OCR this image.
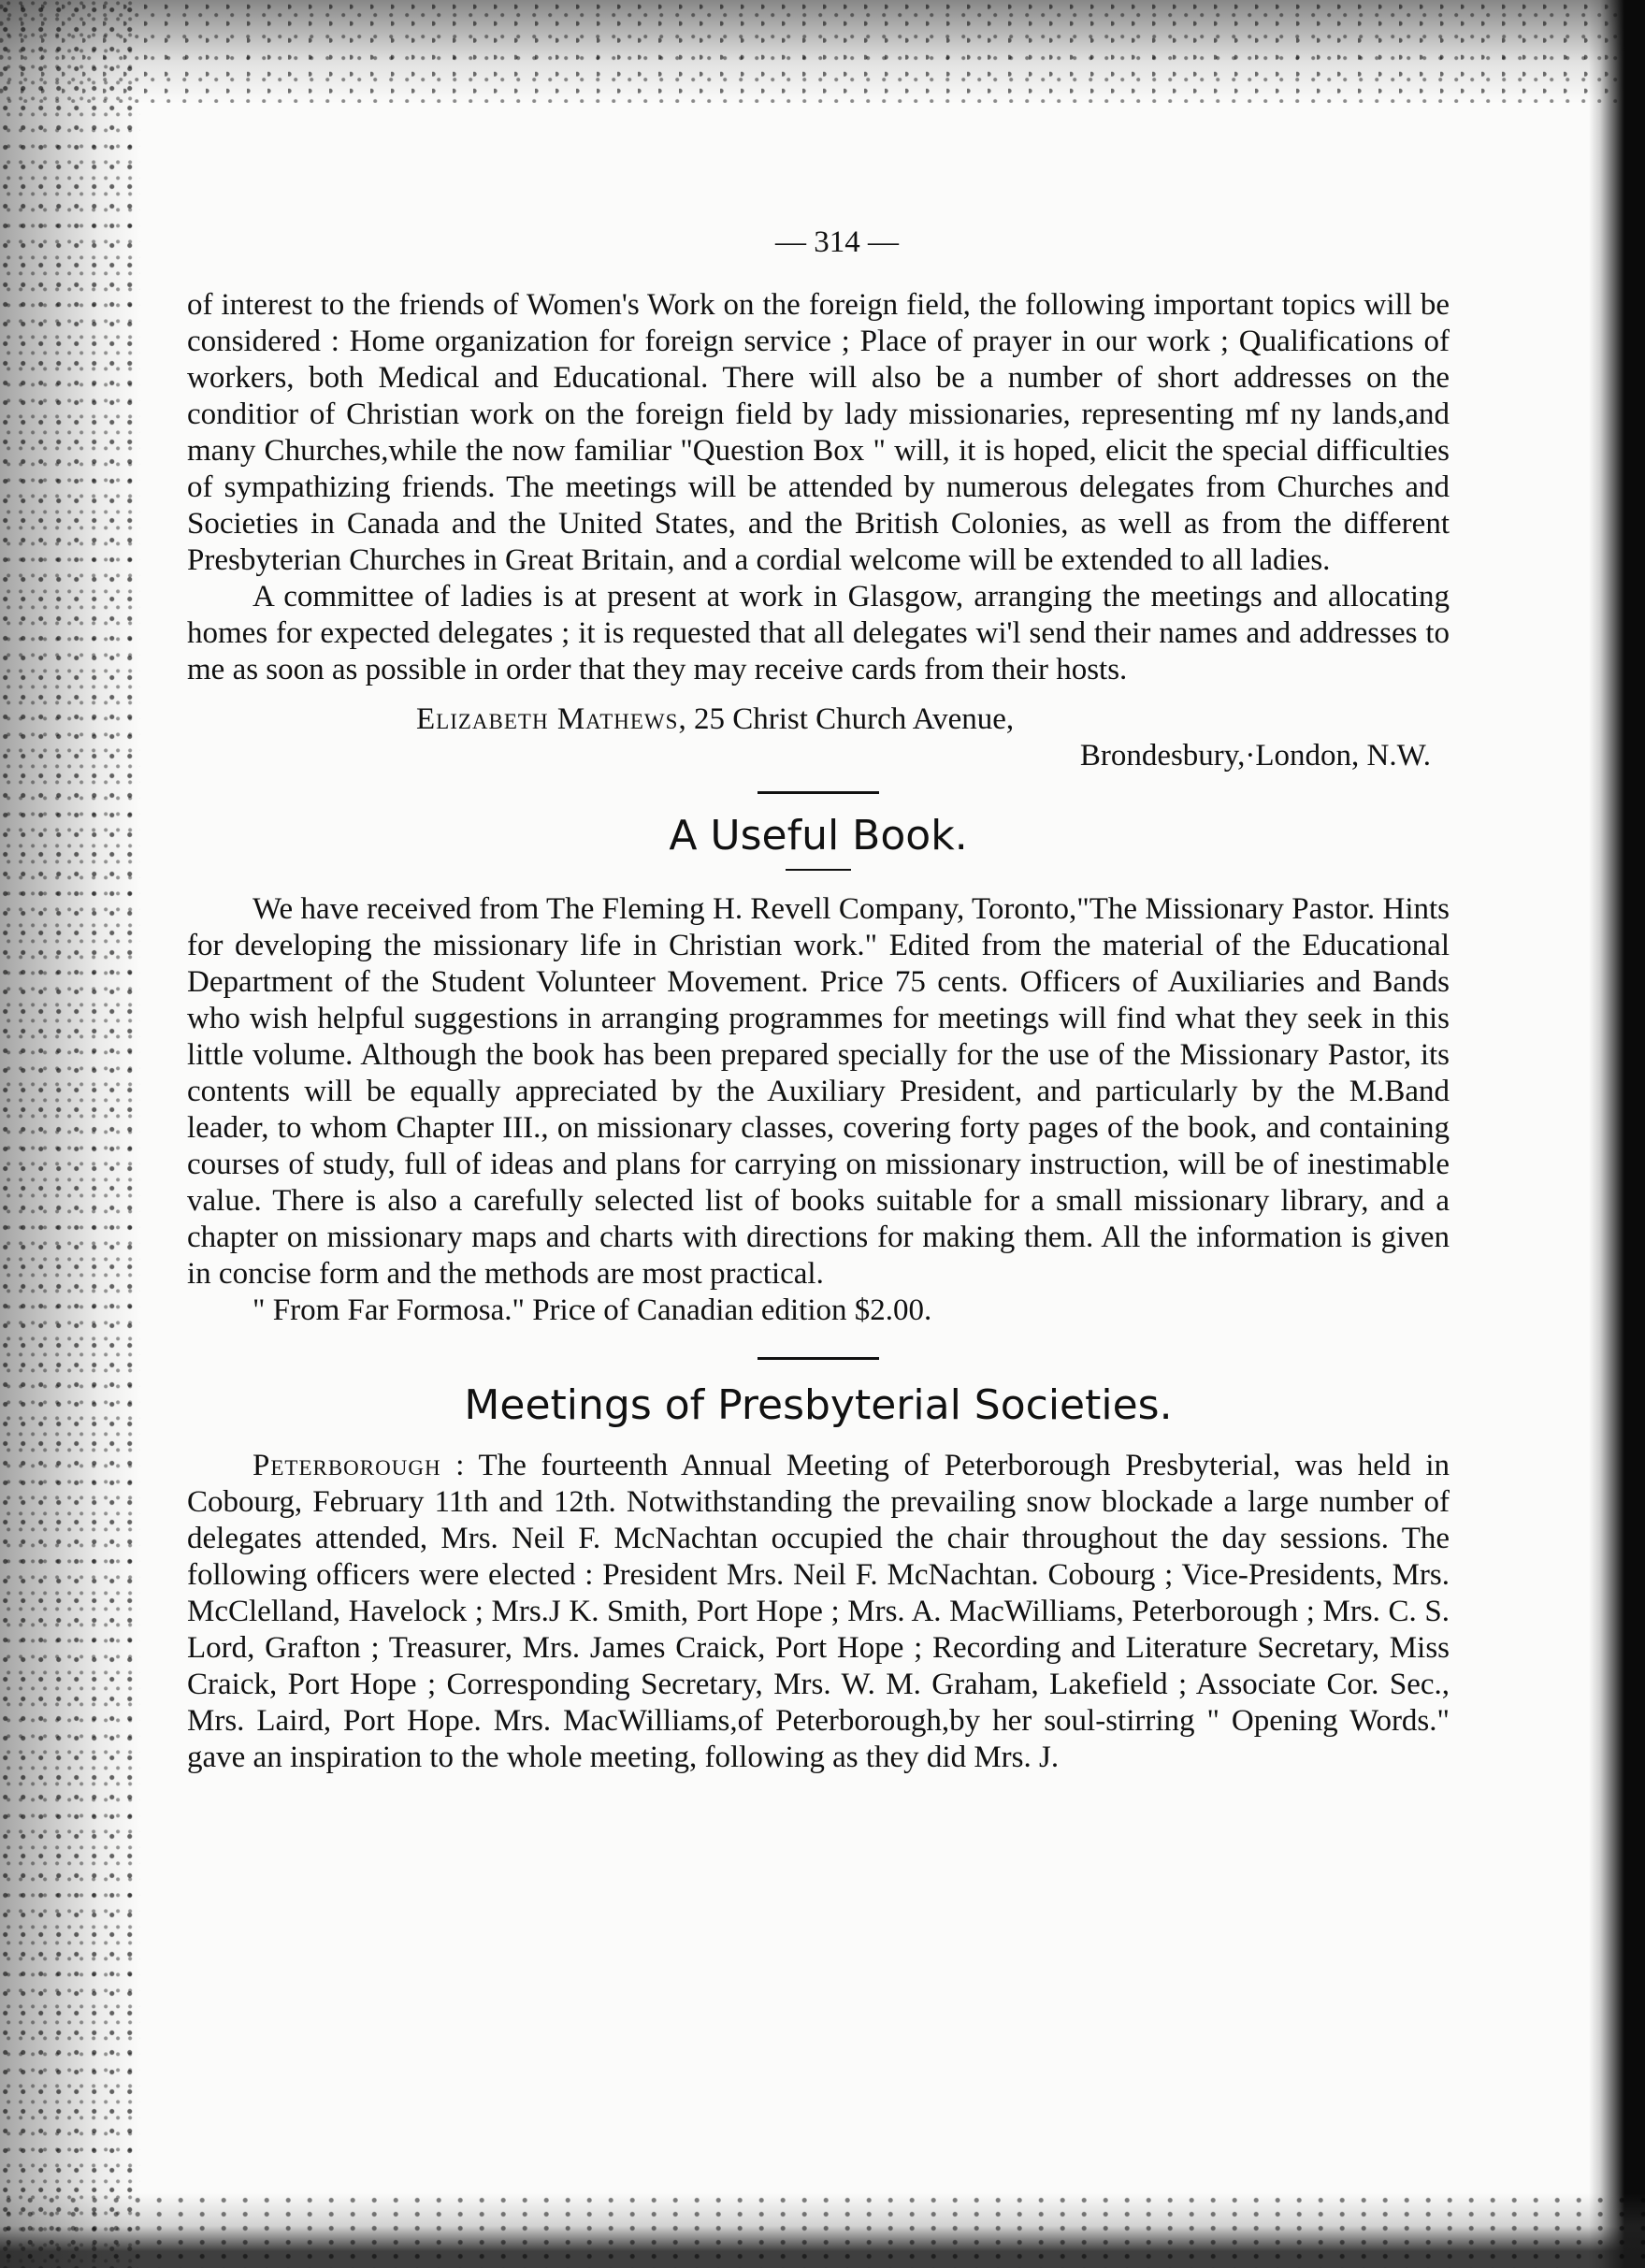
— 314 —

of interest to the friends of Women's Work on the foreign field, the following important topics will be considered : Home organization for foreign service ; Place of prayer in our work ; Qualifications of workers, both Medical and Educational. There will also be a number of short addresses on the conditior of Christian work on the foreign field by lady missionaries, representing mf ny lands,and many Churches,while the now familiar "Question Box " will, it is hoped, elicit the special difficulties of sympathizing friends. The meetings will be attended by numerous delegates from Churches and Societies in Canada and the United States, and the British Colonies, as well as from the different Presbyterian Churches in Great Britain, and a cordial welcome will be extended to all ladies.

A committee of ladies is at present at work in Glasgow, arranging the meetings and allocating homes for expected delegates ; it is requested that all delegates wi'l send their names and addresses to me as soon as possible in order that they may receive cards from their hosts.

Elizabeth Mathews, 25 Christ Church Avenue,
Brondesbury,·London, N.W.
A Useful Book.

We have received from The Fleming H. Revell Company, Toronto,"The Missionary Pastor. Hints for developing the missionary life in Christian work." Edited from the material of the Educational Department of the Student Volunteer Movement. Price 75 cents. Officers of Auxiliaries and Bands who wish helpful suggestions in arranging programmes for meetings will find what they seek in this little volume. Although the book has been prepared specially for the use of the Missionary Pastor, its contents will be equally appreciated by the Auxiliary President, and particularly by the M.Band leader, to whom Chapter III., on missionary classes, covering forty pages of the book, and containing courses of study, full of ideas and plans for carrying on missionary instruction, will be of inestimable value. There is also a carefully selected list of books suitable for a small missionary library, and a chapter on missionary maps and charts with directions for making them. All the information is given in concise form and the methods are most practical.

" From Far Formosa." Price of Canadian edition $2.00.

Meetings of Presbyterial Societies.

Peterborough : The fourteenth Annual Meeting of Peterborough Presbyterial, was held in Cobourg, February 11th and 12th. Notwithstanding the prevailing snow blockade a large number of delegates attended, Mrs. Neil F. McNachtan occupied the chair throughout the day sessions. The following officers were elected : President Mrs. Neil F. McNachtan. Cobourg ; Vice-Presidents, Mrs. McClelland, Havelock ; Mrs.J K. Smith, Port Hope ; Mrs. A. MacWilliams, Peterborough ; Mrs. C. S. Lord, Grafton ; Treasurer, Mrs. James Craick, Port Hope ; Recording and Literature Secretary, Miss Craick, Port Hope ; Corresponding Secretary, Mrs. W. M. Graham, Lakefield ; Associate Cor. Sec., Mrs. Laird, Port Hope. Mrs. MacWilliams,of Peterborough,by her soul-stirring " Opening Words." gave an inspiration to the whole meeting, following as they did Mrs. J.
